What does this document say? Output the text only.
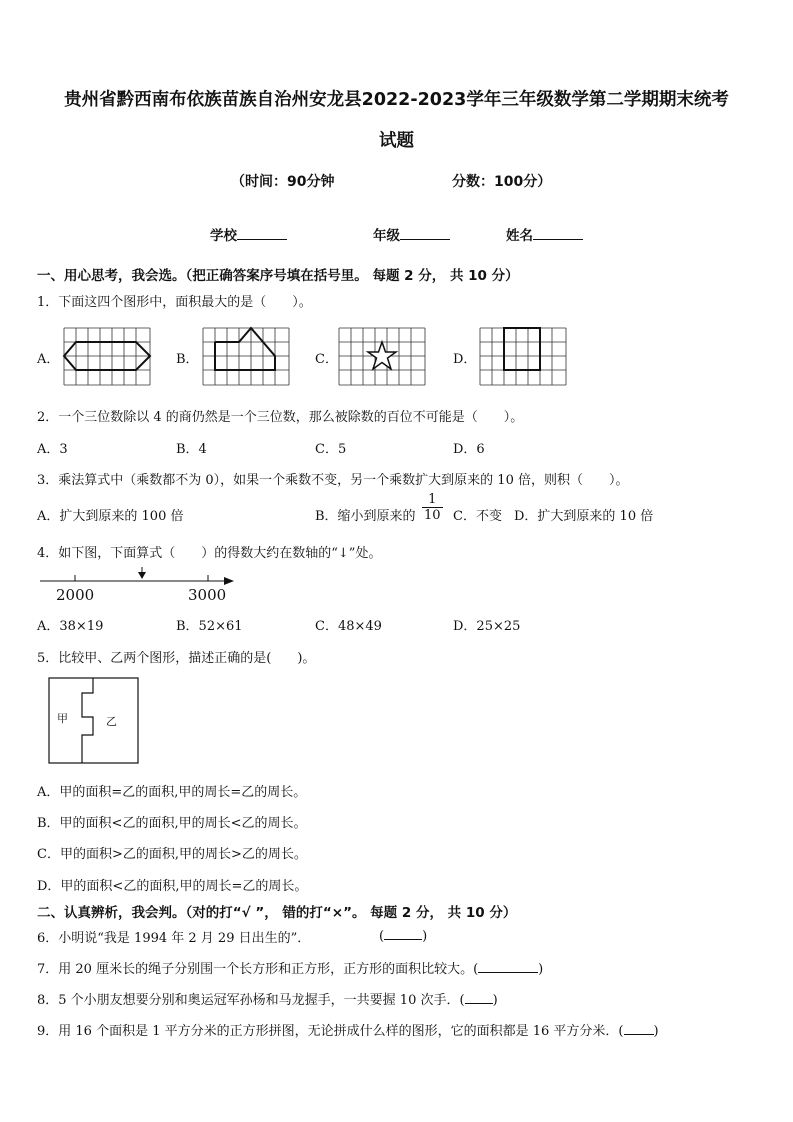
贵州省黔西南布依族苗族自治州安龙县2022-2023学年三年级数学第二学期期末统考
试题
（时间：90分钟	分数：100分）
学校	年级	姓名
一、用心思考，我会选。（把正确答案序号填在括号里。 每题 2 分， 共 10 分）
1．下面这四个图形中，面积最大的是（　　）。
A．	B．	C．	D．
2．一个三位数除以 4 的商仍然是一个三位数，那么被除数的百位不可能是（　　）。
A．3	B．4	C．5	D．6
3．乘法算式中（乘数都不为 0），如果一个乘数不变，另一个乘数扩大到原来的 10 倍，则积（　　）。
A．扩大到原来的 100 倍	B．缩小到原来的 $\frac{1}{10}$ C．不变 D．扩大到原来的 10 倍
4．如下图，下面算式（　　）的得数大约在数轴的“↓”处。
2000	3000
A．38×19	B．52×61	C．48×49	D．25×25
5．比较甲、乙两个图形，描述正确的是(　　)。
甲	乙
A．甲的面积=乙的面积,甲的周长=乙的周长。
B．甲的面积<乙的面积,甲的周长<乙的周长。
C．甲的面积>乙的面积,甲的周长>乙的周长。
D．甲的面积<乙的面积,甲的周长=乙的周长。
二、认真辨析，我会判。（对的打“√ ”， 错的打“×”。 每题 2 分， 共 10 分）
6．小明说“我是 1994 年 2 月 29 日出生的”．	(	)
7．用 20 厘米长的绳子分别围一个长方形和正方形，正方形的面积比较大。(	)
8．5 个小朋友想要分别和奥运冠军孙杨和马龙握手，一共要握 10 次手．( )
9．用 16 个面积是 1 平方分米的正方形拼图，无论拼成什么样的图形，它的面积都是 16 平方分米．( )
